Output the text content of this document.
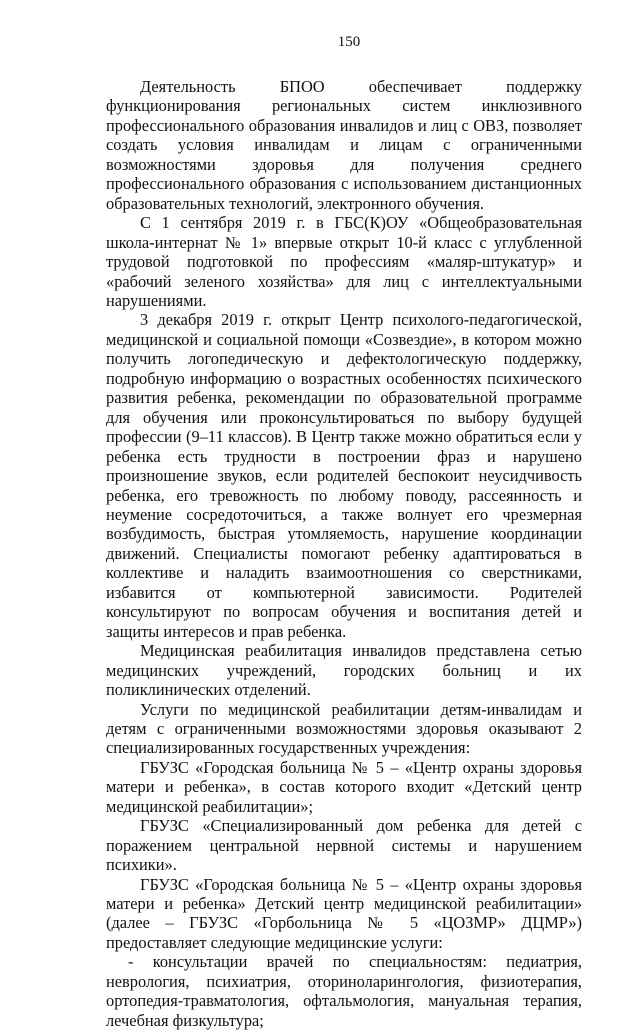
150

Деятельность БПОО обеспечивает поддержку функционирования региональных систем инклюзивного профессионального образования инвалидов и лиц с ОВЗ, позволяет создать условия инвалидам и лицам с ограниченными возможностями здоровья для получения среднего профессионального образования с использованием дистанционных образовательных технологий, электронного обучения.

С 1 сентября 2019 г. в ГБС(К)ОУ «Общеобразовательная школа-интернат № 1» впервые открыт 10-й класс с углубленной трудовой подготовкой по профессиям «маляр-штукатур» и «рабочий зеленого хозяйства» для лиц с интеллектуальными нарушениями.

3 декабря 2019 г. открыт Центр психолого-педагогической, медицинской и социальной помощи «Созвездие», в котором можно получить логопедическую и дефектологическую поддержку, подробную информацию о возрастных особенностях психического развития ребенка, рекомендации по образовательной программе для обучения или проконсультироваться по выбору будущей профессии (9–11 классов). В Центр также можно обратиться если у ребенка есть трудности в построении фраз и нарушено произношение звуков, если родителей беспокоит неусидчивость ребенка, его тревожность по любому поводу, рассеянность и неумение сосредоточиться, а также волнует его чрезмерная возбудимость, быстрая утомляемость, нарушение координации движений. Специалисты помогают ребенку адаптироваться в коллективе и наладить взаимоотношения со сверстниками, избавится от компьютерной зависимости. Родителей консультируют по вопросам обучения и воспитания детей и защиты интересов и прав ребенка.

Медицинская реабилитация инвалидов представлена сетью медицинских учреждений, городских больниц и их поликлинических отделений.

Услуги по медицинской реабилитации детям-инвалидам и детям с ограниченными возможностями здоровья оказывают 2 специализированных государственных учреждения:

ГБУЗС «Городская больница № 5 – «Центр охраны здоровья матери и ребенка», в состав которого входит «Детский центр медицинской реабилитации»;

ГБУЗС «Специализированный дом ребенка для детей с поражением центральной нервной системы и нарушением психики».

ГБУЗС «Городская больница № 5 – «Центр охраны здоровья матери и ребенка» Детский центр медицинской реабилитации» (далее – ГБУЗС «Горбольница № 5 «ЦОЗМР» ДЦМР») предоставляет следующие медицинские услуги:

- консультации врачей по специальностям: педиатрия, неврология, психиатрия, оториноларингология, физиотерапия, ортопедия-травматология, офтальмология, мануальная терапия, лечебная физкультура;
